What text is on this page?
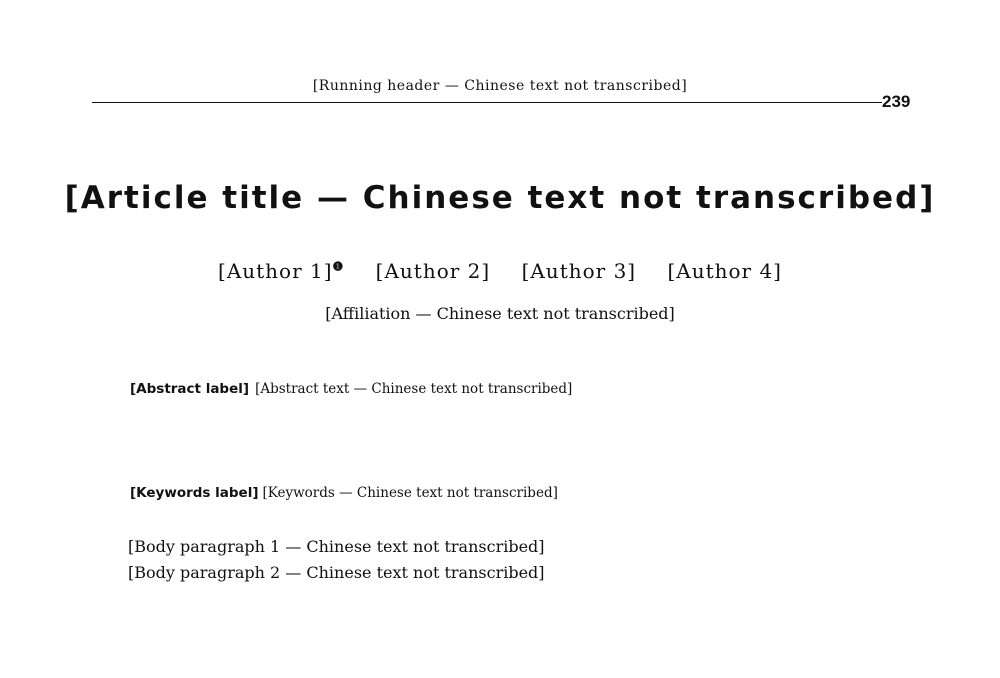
[Running header — Chinese text not transcribed]
239
[Article title — Chinese text not transcribed]
[Author 1]$^❶$ [Author 2] [Author 3] [Author 4]
[Affiliation — Chinese text not transcribed]
[Abstract label] [Abstract text — Chinese text not transcribed]
[Keywords label] [Keywords — Chinese text not transcribed]

[Body paragraph 1 — Chinese text not transcribed]

[Body paragraph 2 — Chinese text not transcribed]
